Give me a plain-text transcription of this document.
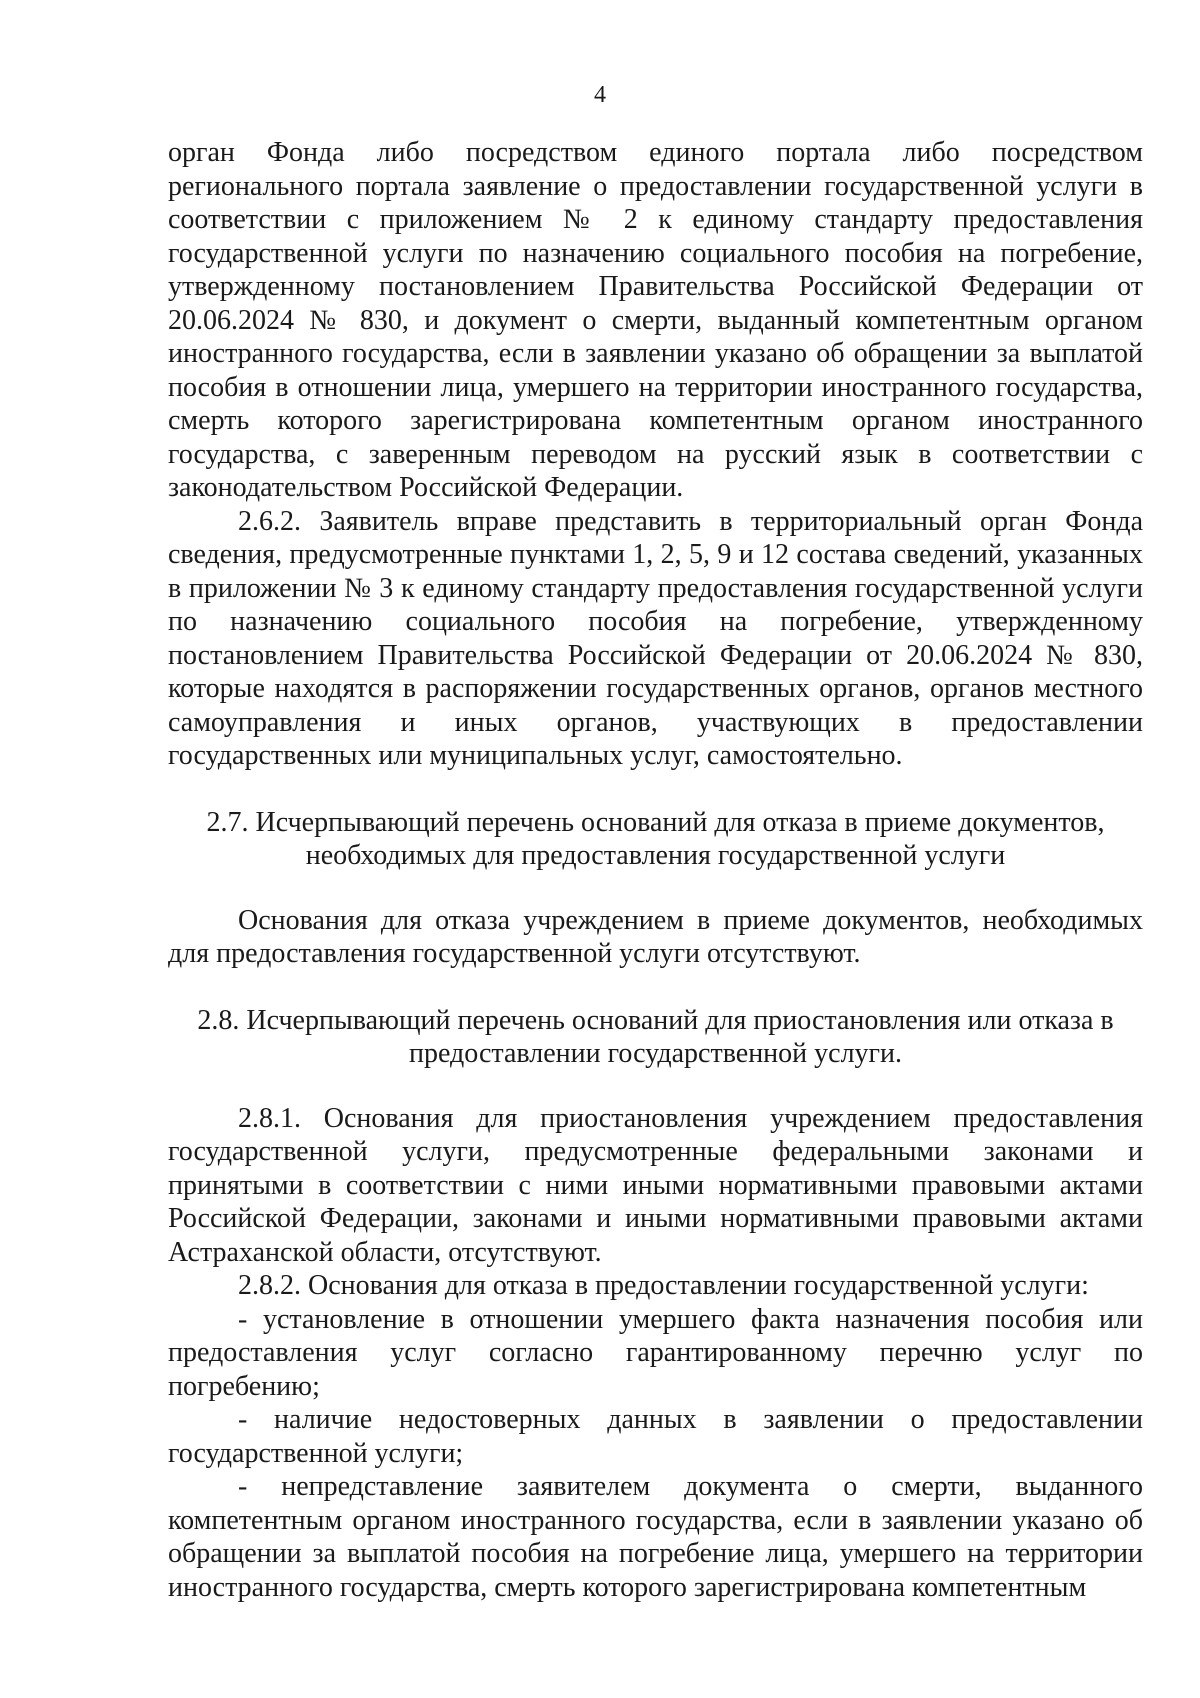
4

орган Фонда либо посредством единого портала либо посредством регионального портала заявление о предоставлении государственной услуги в соответствии с приложением № 2 к единому стандарту предоставления государственной услуги по назначению социального пособия на погребение, утвержденному постановлением Правительства Российской Федерации от 20.06.2024 № 830, и документ о смерти, выданный компетентным органом иностранного государства, если в заявлении указано об обращении за выплатой пособия в отношении лица, умершего на территории иностранного государства, смерть которого зарегистрирована компетентным органом иностранного государства, с заверенным переводом на русский язык в соответствии с законодательством Российской Федерации.

2.6.2. Заявитель вправе представить в территориальный орган Фонда сведения, предусмотренные пунктами 1, 2, 5, 9 и 12 состава сведений, указанных в приложении № 3 к единому стандарту предоставления государственной услуги по назначению социального пособия на погребение, утвержденному постановлением Правительства Российской Федерации от 20.06.2024 № 830, которые находятся в распоряжении государственных органов, органов местного самоуправления и иных органов, участвующих в предоставлении государственных или муниципальных услуг, самостоятельно.

2.7. Исчерпывающий перечень оснований для отказа в приеме документов,

необходимых для предоставления государственной услуги

Основания для отказа учреждением в приеме документов, необходимых для предоставления государственной услуги отсутствуют.

2.8. Исчерпывающий перечень оснований для приостановления или отказа в

предоставлении государственной услуги.

2.8.1. Основания для приостановления учреждением предоставления государственной услуги, предусмотренные федеральными законами и принятыми в соответствии с ними иными нормативными правовыми актами Российской Федерации, законами и иными нормативными правовыми актами Астраханской области, отсутствуют.

2.8.2. Основания для отказа в предоставлении государственной услуги:

- установление в отношении умершего факта назначения пособия или предоставления услуг согласно гарантированному перечню услуг по погребению;

- наличие недостоверных данных в заявлении о предоставлении государственной услуги;

- непредставление заявителем документа о смерти, выданного компетентным органом иностранного государства, если в заявлении указано об обращении за выплатой пособия на погребение лица, умершего на территории иностранного государства, смерть которого зарегистрирована компетентным
